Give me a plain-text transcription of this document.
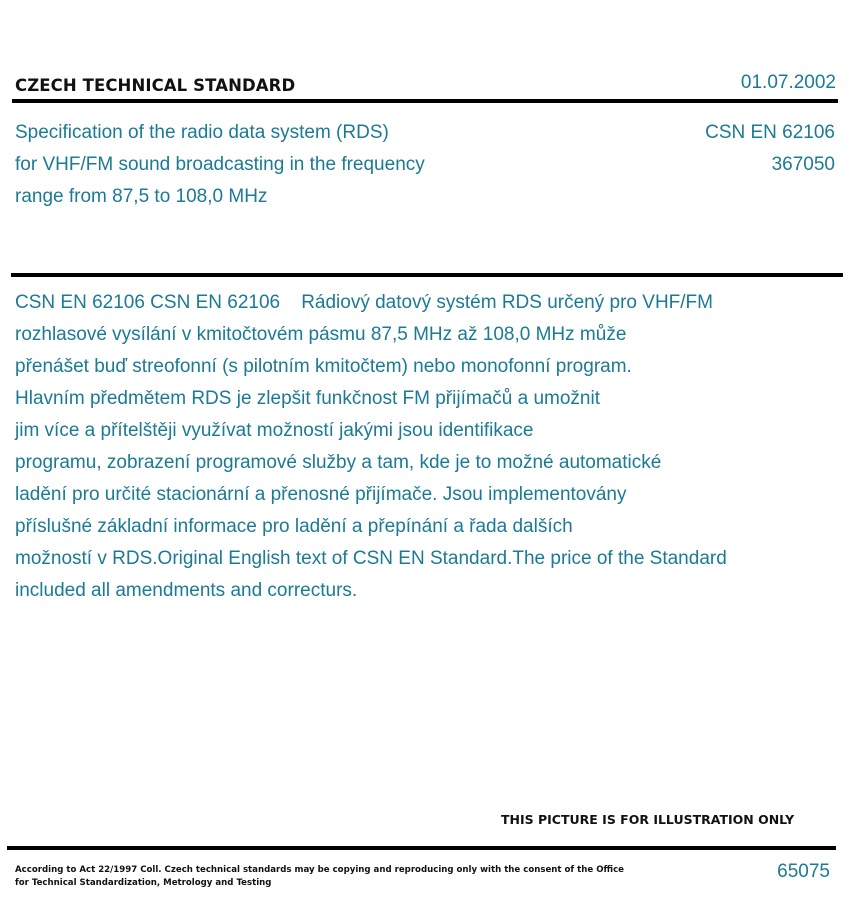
CZECH TECHNICAL STANDARD	01.07.2002
Specification of the radio data system (RDS)
for VHF/FM sound broadcasting in the frequency
range from 87,5 to 108,0 MHz
CSN EN 62106
367050
CSN EN 62106 CSN EN 62106    Rádiový datový systém RDS určený pro VHF/FM
rozhlasové vysílání v kmitočtovém pásmu 87,5 MHz až 108,0 MHz může
přenášet buď streofonní (s pilotním kmitočtem) nebo monofonní program.
Hlavním předmětem RDS je zlepšit funkčnost FM přijímačů a umožnit
jim více a přítelštěji využívat možností jakými jsou identifikace
programu, zobrazení programové služby a tam, kde je to možné automatické
ladění pro určité stacionární a přenosné přijímače. Jsou implementovány
příslušné základní informace pro ladění a přepínání a řada dalších
možností v RDS.Original English text of CSN EN Standard.The price of the Standard
included all amendments and correcturs.
THIS PICTURE IS FOR ILLUSTRATION ONLY
According to Act 22/1997 Coll. Czech technical standards may be copying and reproducing only with the consent of the Office
for Technical Standardization, Metrology and Testing
65075
